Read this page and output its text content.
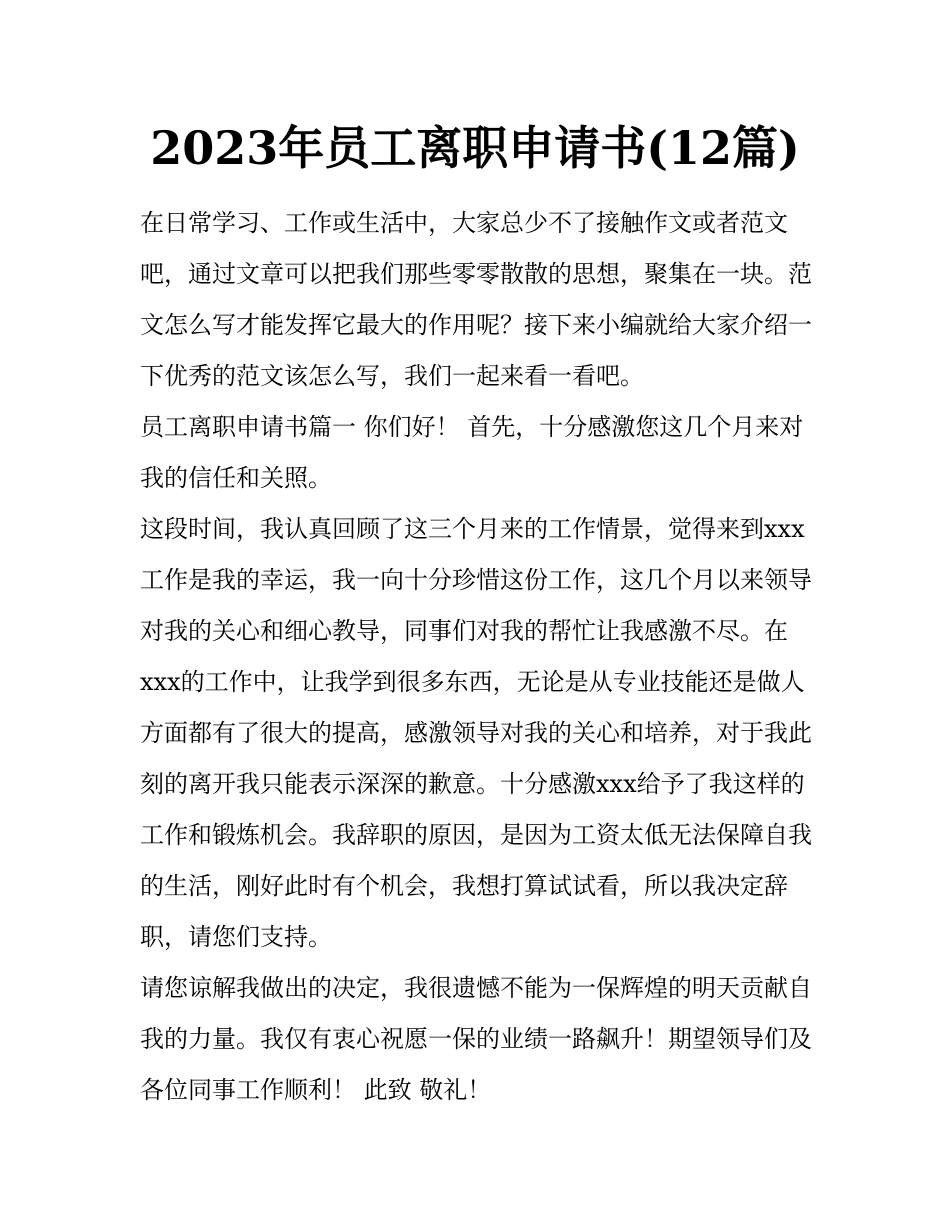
2023年员工离职申请书(12篇)

在日常学习、工作或生活中，大家总少不了接触作文或者范文吧，通过文章可以把我们那些零零散散的思想，聚集在一块。范文怎么写才能发挥它最大的作用呢？接下来小编就给大家介绍一下优秀的范文该怎么写，我们一起来看一看吧。

员工离职申请书篇一 你们好！ 首先，十分感激您这几个月来对我的信任和关照。

这段时间，我认真回顾了这三个月来的工作情景，觉得来到xxx工作是我的幸运，我一向十分珍惜这份工作，这几个月以来领导对我的关心和细心教导，同事们对我的帮忙让我感激不尽。在xxx的工作中，让我学到很多东西，无论是从专业技能还是做人方面都有了很大的提高，感激领导对我的关心和培养，对于我此刻的离开我只能表示深深的歉意。十分感激xxx给予了我这样的工作和锻炼机会。我辞职的原因，是因为工资太低无法保障自我的生活，刚好此时有个机会，我想打算试试看，所以我决定辞职，请您们支持。

请您谅解我做出的决定，我很遗憾不能为一保辉煌的明天贡献自我的力量。我仅有衷心祝愿一保的业绩一路飙升！期望领导们及各位同事工作顺利！ 此致 敬礼！
